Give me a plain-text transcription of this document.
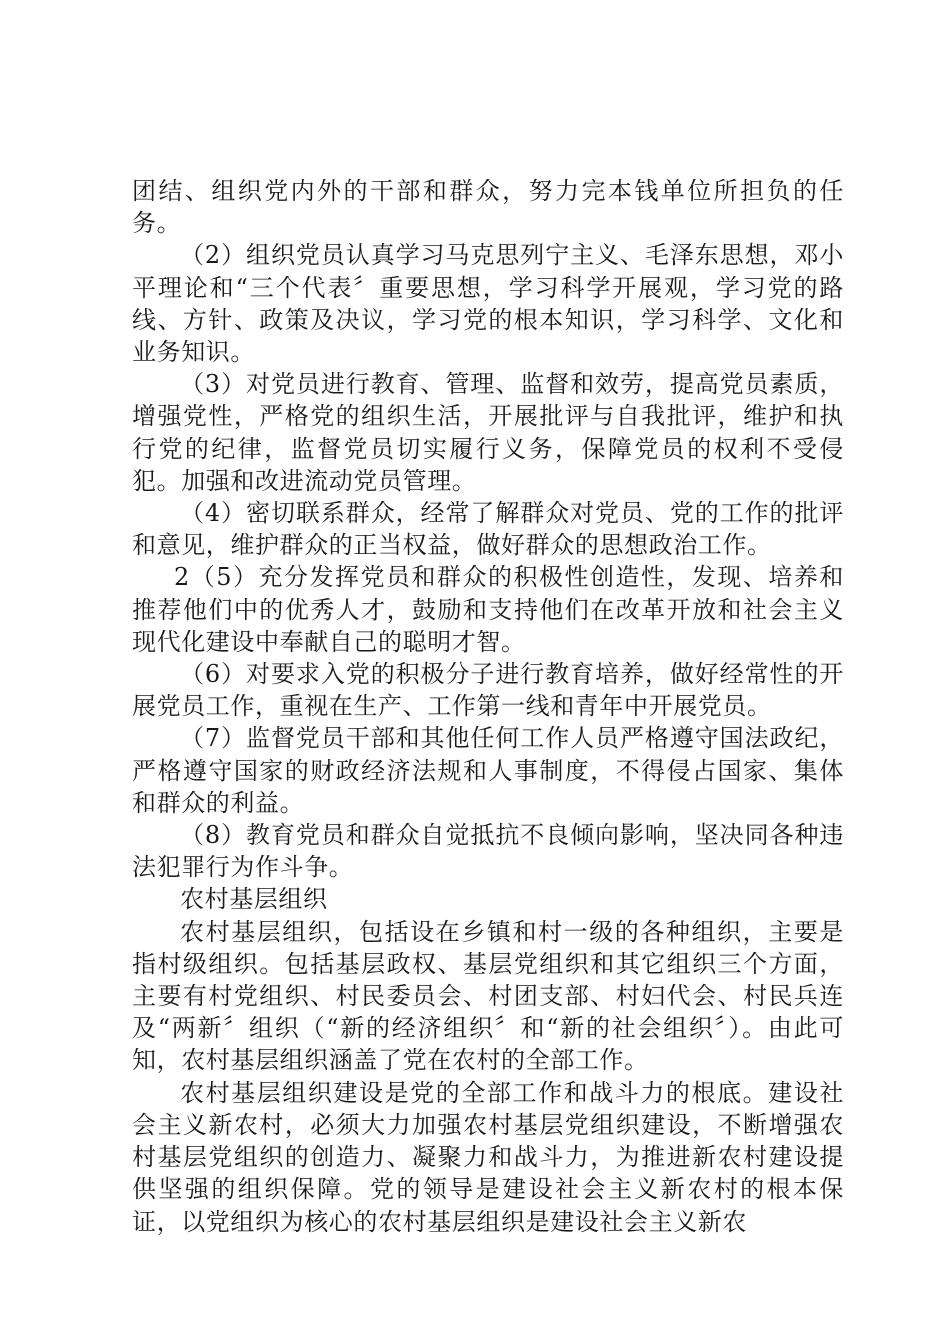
团结、组织党内外的干部和群众，努力完本钱单位所担负的任务。

（2）组织党员认真学习马克思列宁主义、毛泽东思想，邓小平理论和“三个代表〞重要思想，学习科学开展观，学习党的路线、方针、政策及决议，学习党的根本知识，学习科学、文化和业务知识。

（3）对党员进行教育、管理、监督和效劳，提高党员素质，增强党性，严格党的组织生活，开展批评与自我批评，维护和执行党的纪律，监督党员切实履行义务，保障党员的权利不受侵犯。加强和改进流动党员管理。

（4）密切联系群众，经常了解群众对党员、党的工作的批评和意见，维护群众的正当权益，做好群众的思想政治工作。

2（5）充分发挥党员和群众的积极性创造性，发现、培养和推荐他们中的优秀人才，鼓励和支持他们在改革开放和社会主义现代化建设中奉献自己的聪明才智。

（6）对要求入党的积极分子进行教育培养，做好经常性的开展党员工作，重视在生产、工作第一线和青年中开展党员。

（7）监督党员干部和其他任何工作人员严格遵守国法政纪，严格遵守国家的财政经济法规和人事制度，不得侵占国家、集体和群众的利益。

（8）教育党员和群众自觉抵抗不良倾向影响，坚决同各种违法犯罪行为作斗争。

农村基层组织

农村基层组织，包括设在乡镇和村一级的各种组织，主要是指村级组织。包括基层政权、基层党组织和其它组织三个方面，主要有村党组织、村民委员会、村团支部、村妇代会、村民兵连及“两新〞组织（“新的经济组织〞和“新的社会组织〞）。由此可知，农村基层组织涵盖了党在农村的全部工作。

农村基层组织建设是党的全部工作和战斗力的根底。建设社会主义新农村，必须大力加强农村基层党组织建设，不断增强农村基层党组织的创造力、凝聚力和战斗力，为推进新农村建设提供坚强的组织保障。党的领导是建设社会主义新农村的根本保证，以党组织为核心的农村基层组织是建设社会主义新农
